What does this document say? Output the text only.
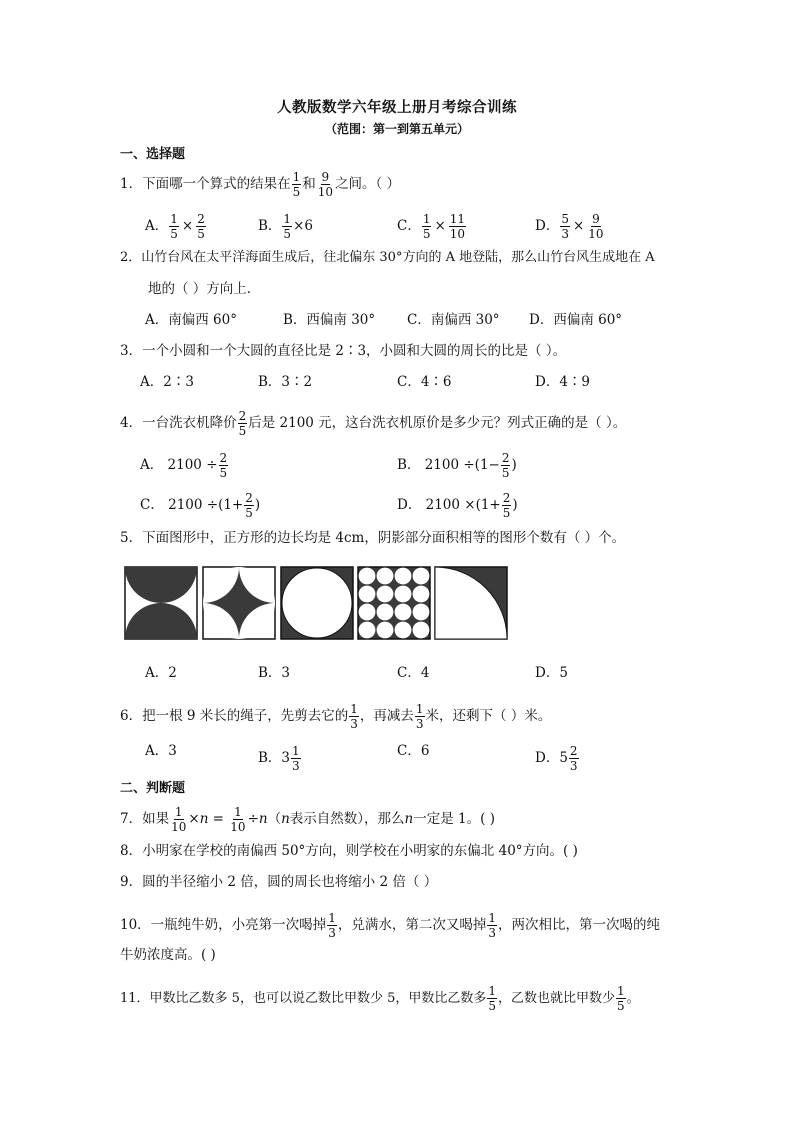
人教版数学六年级上册月考综合训练
（范围：第一到第五单元）
一、选择题
1．下面哪一个算式的结果在 $\frac{1}{5}$ 和 $\frac{9}{10}$ 之间。（ ）
A． $\frac{1}{5} \times \frac{2}{5}$	B． $\frac{1}{5} \times 6$	C． $\frac{1}{5} \times \frac{11}{10}$	D． $\frac{5}{3} \times \frac{9}{10}$
2．山竹台风在太平洋海面生成后，往北偏东 30°方向的 A 地登陆，那么山竹台风生成地在 A
地的（ ）方向上．
A．南偏西 60°	B．西偏南 30° C．南偏西 30° D．西偏南 60°
3．一个小圆和一个大圆的直径比是 2∶3，小圆和大圆的周长的比是（ ）。
A．2∶3	B．3∶2	C．4∶6	D．4∶9
4．一台洗衣机降价 $\frac{2}{5}$ 后是 2100 元，这台洗衣机原价是多少元？列式正确的是（ ）。
A． $2100 \div \frac{2}{5}$	B． $2100 \div(1- \frac{2}{5}$ )
C． $2100 \div(1+ \frac{2}{5}$ )	D． $2100 \times(1+ \frac{2}{5}$ )
5．下面图形中，正方形的边长均是 4cm，阴影部分面积相等的图形个数有（ ）个。
A．2	B．3	C．4	D．5
6．把一根 9 米长的绳子，先剪去它的 $\frac{1}{3}$ ，再减去 $\frac{1}{3}$ 米，还剩下（ ）米。
A．3	B．$3 \frac{1}{3}$	C．6	D．$5 \frac{2}{3}$
二、判断题
7．如果 $\frac{1}{10} \times n = \frac{1}{10} \div n(n$表示自然数），那么n一定是 1。( )
8．小明家在学校的南偏西 50°方向，则学校在小明家的东偏北 40°方向。( )
9．圆的半径缩小 2 倍，圆的周长也将缩小 2 倍（ ）
10．一瓶纯牛奶，小亮第一次喝掉 $\frac{1}{3}$ ，兑满水，第二次又喝掉 $\frac{1}{3}$ ，两次相比，第一次喝的纯
牛奶浓度高。( )
11．甲数比乙数多 5，也可以说乙数比甲数少 5，甲数比乙数多 $\frac{1}{5}$ ，乙数也就比甲数少 $\frac{1}{5}$ 。
